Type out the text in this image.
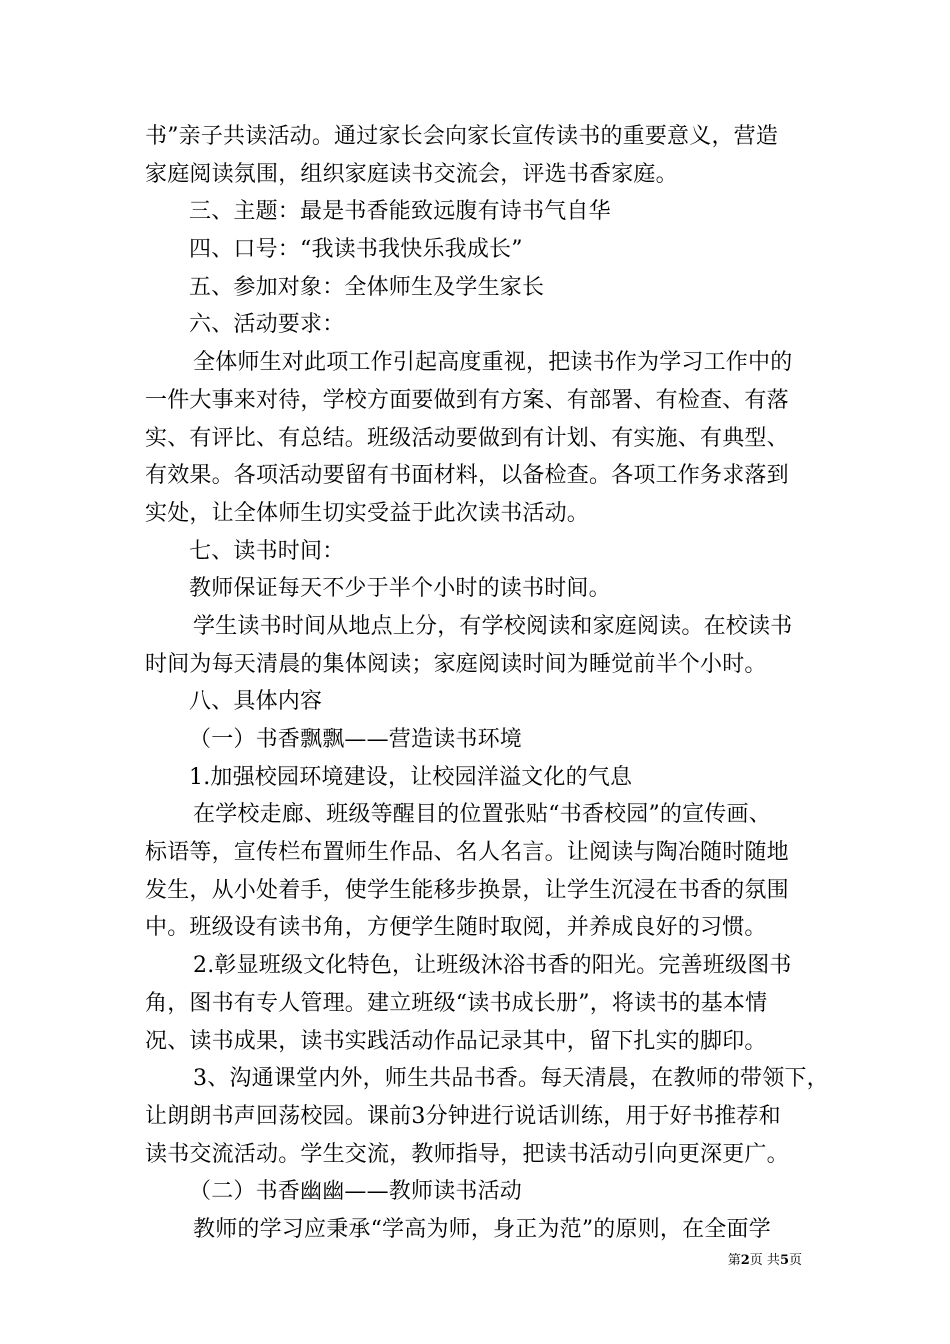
书”亲子共读活动。通过家长会向家长宣传读书的重要意义，营造
家庭阅读氛围，组织家庭读书交流会，评选书香家庭。
三、主题：最是书香能致远腹有诗书气自华
四、口号：“我读书我快乐我成长”
五、参加对象：全体师生及学生家长
六、活动要求：
全体师生对此项工作引起高度重视，把读书作为学习工作中的
一件大事来对待，学校方面要做到有方案、有部署、有检查、有落
实、有评比、有总结。班级活动要做到有计划、有实施、有典型、
有效果。各项活动要留有书面材料，以备检查。各项工作务求落到
实处，让全体师生切实受益于此次读书活动。
七、读书时间：
教师保证每天不少于半个小时的读书时间。
学生读书时间从地点上分，有学校阅读和家庭阅读。在校读书
时间为每天清晨的集体阅读；家庭阅读时间为睡觉前半个小时。
八、具体内容
（一）书香飘飘——营造读书环境
1.加强校园环境建设，让校园洋溢文化的气息
在学校走廊、班级等醒目的位置张贴“书香校园”的宣传画、
标语等，宣传栏布置师生作品、名人名言。让阅读与陶冶随时随地
发生，从小处着手，使学生能移步换景，让学生沉浸在书香的氛围
中。班级设有读书角，方便学生随时取阅，并养成良好的习惯。
2.彰显班级文化特色，让班级沐浴书香的阳光。完善班级图书
角，图书有专人管理。建立班级“读书成长册”，将读书的基本情
况、读书成果，读书实践活动作品记录其中，留下扎实的脚印。
3、沟通课堂内外，师生共品书香。每天清晨，在教师的带领下，
让朗朗书声回荡校园。课前3分钟进行说话训练，用于好书推荐和
读书交流活动。学生交流，教师指导，把读书活动引向更深更广。
（二）书香幽幽——教师读书活动
教师的学习应秉承“学高为师，身正为范”的原则，在全面学
第2页 共5页
